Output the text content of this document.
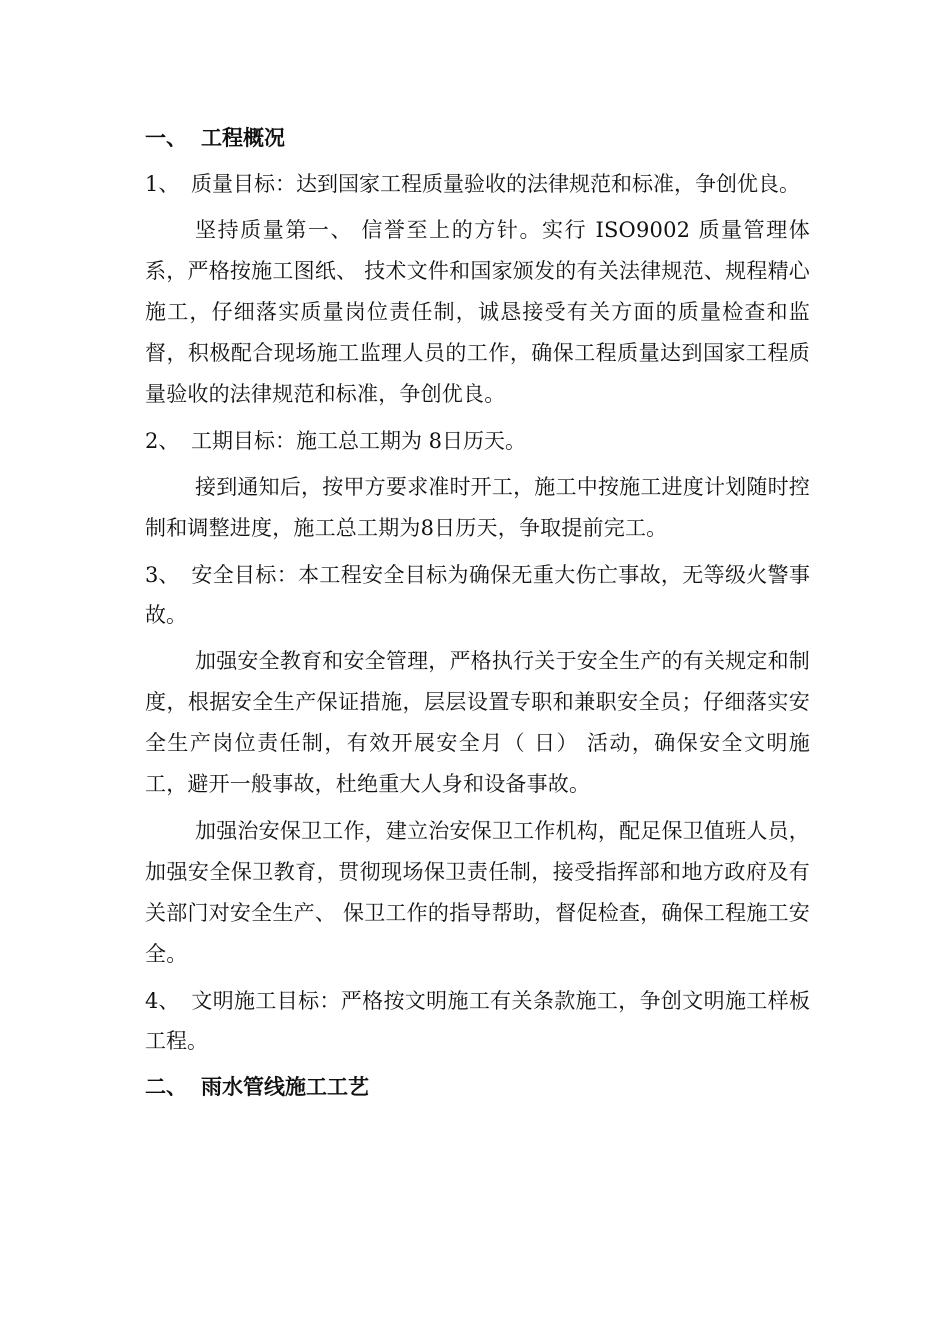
一、 工程概况
1、 质量目标：达到国家工程质量验收的法律规范和标准，争创优良。
坚持质量第一、 信誉至上的方针。实行 ISO9002 质量管理体系，严格按施工图纸、 技术文件和国家颁发的有关法律规范、规程精心施工，仔细落实质量岗位责任制，诚恳接受有关方面的质量检查和监督，积极配合现场施工监理人员的工作，确保工程质量达到国家工程质量验收的法律规范和标准，争创优良。
2、 工期目标：施工总工期为 8日历天。
接到通知后，按甲方要求准时开工，施工中按施工进度计划随时控制和调整进度，施工总工期为8日历天，争取提前完工。
3、 安全目标：本工程安全目标为确保无重大伤亡事故，无等级火警事故。
加强安全教育和安全管理，严格执行关于安全生产的有关规定和制度，根据安全生产保证措施，层层设置专职和兼职安全员；仔细落实安全生产岗位责任制，有效开展安全月（ 日） 活动，确保安全文明施工，避开一般事故，杜绝重大人身和设备事故。
加强治安保卫工作，建立治安保卫工作机构，配足保卫值班人员，加强安全保卫教育，贯彻现场保卫责任制，接受指挥部和地方政府及有关部门对安全生产、 保卫工作的指导帮助，督促检查，确保工程施工安全。
4、 文明施工目标：严格按文明施工有关条款施工，争创文明施工样板工程。
二、 雨水管线施工工艺
